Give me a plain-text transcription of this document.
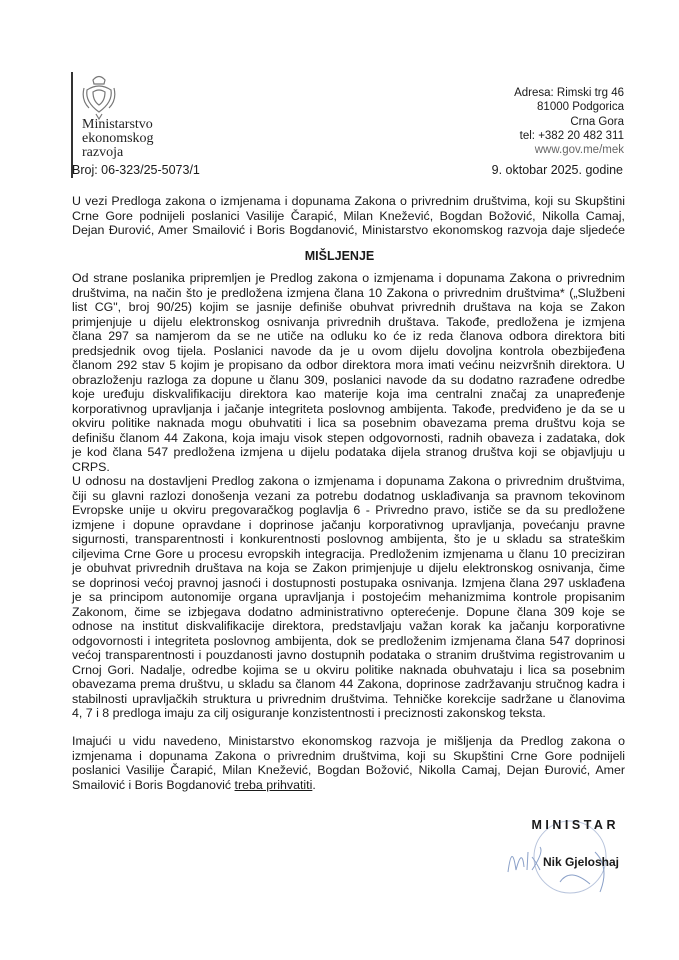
Ministarstvo
ekonomskog
razvoja
Adresa: Rimski trg 46
81000 Podgorica
Crna Gora
tel: +382 20 482 311
www.gov.me/mek
Broj: 06-323/25-5073/1	9. oktobar 2025. godine
U vezi Predloga zakona o izmjenama i dopunama Zakona o privrednim društvima, koji su Skupštini
Crne Gore podnijeli poslanici Vasilije Čarapić, Milan Knežević, Bogdan Božović, Nikolla Camaj,
Dejan Đurović, Amer Smailović i Boris Bogdanović, Ministarstvo ekonomskog razvoja daje sljedeće
MIŠLJENJE
Od strane poslanika pripremljen je Predlog zakona o izmjenama i dopunama Zakona o privrednim
društvima, na način što je predložena izmjena člana 10 Zakona o privrednim društvima* („Službeni
list CG", broj 90/25) kojim se jasnije definiše obuhvat privrednih društava na koja se Zakon
primjenjuje u dijelu elektronskog osnivanja privrednih društava. Takođe, predložena je izmjena
člana 297 sa namjerom da se ne utiče na odluku ko će iz reda članova odbora direktora biti
predsjednik ovog tijela. Poslanici navode da je u ovom dijelu dovoljna kontrola obezbijeđena
članom 292 stav 5 kojim je propisano da odbor direktora mora imati većinu neizvršnih direktora. U
obrazloženju razloga za dopune u članu 309, poslanici navode da su dodatno razrađene odredbe
koje uređuju diskvalifikaciju direktora kao materije koja ima centralni značaj za unapređenje
korporativnog upravljanja i jačanje integriteta poslovnog ambijenta. Takođe, predviđeno je da se u
okviru politike naknada mogu obuhvatiti i lica sa posebnim obavezama prema društvu koja se
definišu članom 44 Zakona, koja imaju visok stepen odgovornosti, radnih obaveza i zadataka, dok
je kod člana 547 predložena izmjena u dijelu podataka dijela stranog društva koji se objavljuju u
CRPS.
U odnosu na dostavljeni Predlog zakona o izmjenama i dopunama Zakona o privrednim društvima,
čiji su glavni razlozi donošenja vezani za potrebu dodatnog usklađivanja sa pravnom tekovinom
Evropske unije u okviru pregovaračkog poglavlja 6 - Privredno pravo, ističe se da su predložene
izmjene i dopune opravdane i doprinose jačanju korporativnog upravljanja, povećanju pravne
sigurnosti, transparentnosti i konkurentnosti poslovnog ambijenta, što je u skladu sa strateškim
ciljevima Crne Gore u procesu evropskih integracija. Predloženim izmjenama u članu 10 preciziran
je obuhvat privrednih društava na koja se Zakon primjenjuje u dijelu elektronskog osnivanja, čime
se doprinosi većoj pravnoj jasnoći i dostupnosti postupaka osnivanja. Izmjena člana 297 usklađena
je sa principom autonomije organa upravljanja i postojećim mehanizmima kontrole propisanim
Zakonom, čime se izbjegava dodatno administrativno opterećenje. Dopune člana 309 koje se
odnose na institut diskvalifikacije direktora, predstavljaju važan korak ka jačanju korporativne
odgovornosti i integriteta poslovnog ambijenta, dok se predloženim izmjenama člana 547 doprinosi
većoj transparentnosti i pouzdanosti javno dostupnih podataka o stranim društvima registrovanim u
Crnoj Gori. Nadalje, odredbe kojima se u okviru politike naknada obuhvataju i lica sa posebnim
obavezama prema društvu, u skladu sa članom 44 Zakona, doprinose zadržavanju stručnog kadra i
stabilnosti upravljačkih struktura u privrednim društvima. Tehničke korekcije sadržane u članovima
4, 7 i 8 predloga imaju za cilj osiguranje konzistentnosti i preciznosti zakonskog teksta.
Imajući u vidu navedeno, Ministarstvo ekonomskog razvoja je mišljenja da Predlog zakona o
izmjenama i dopunama Zakona o privrednim društvima, koji su Skupštini Crne Gore podnijeli
poslanici Vasilije Čarapić, Milan Knežević, Bogdan Božović, Nikolla Camaj, Dejan Đurović, Amer
Smailović i Boris Bogdanović treba prihvatiti.
MINISTAR
Nik Gjeloshaj
